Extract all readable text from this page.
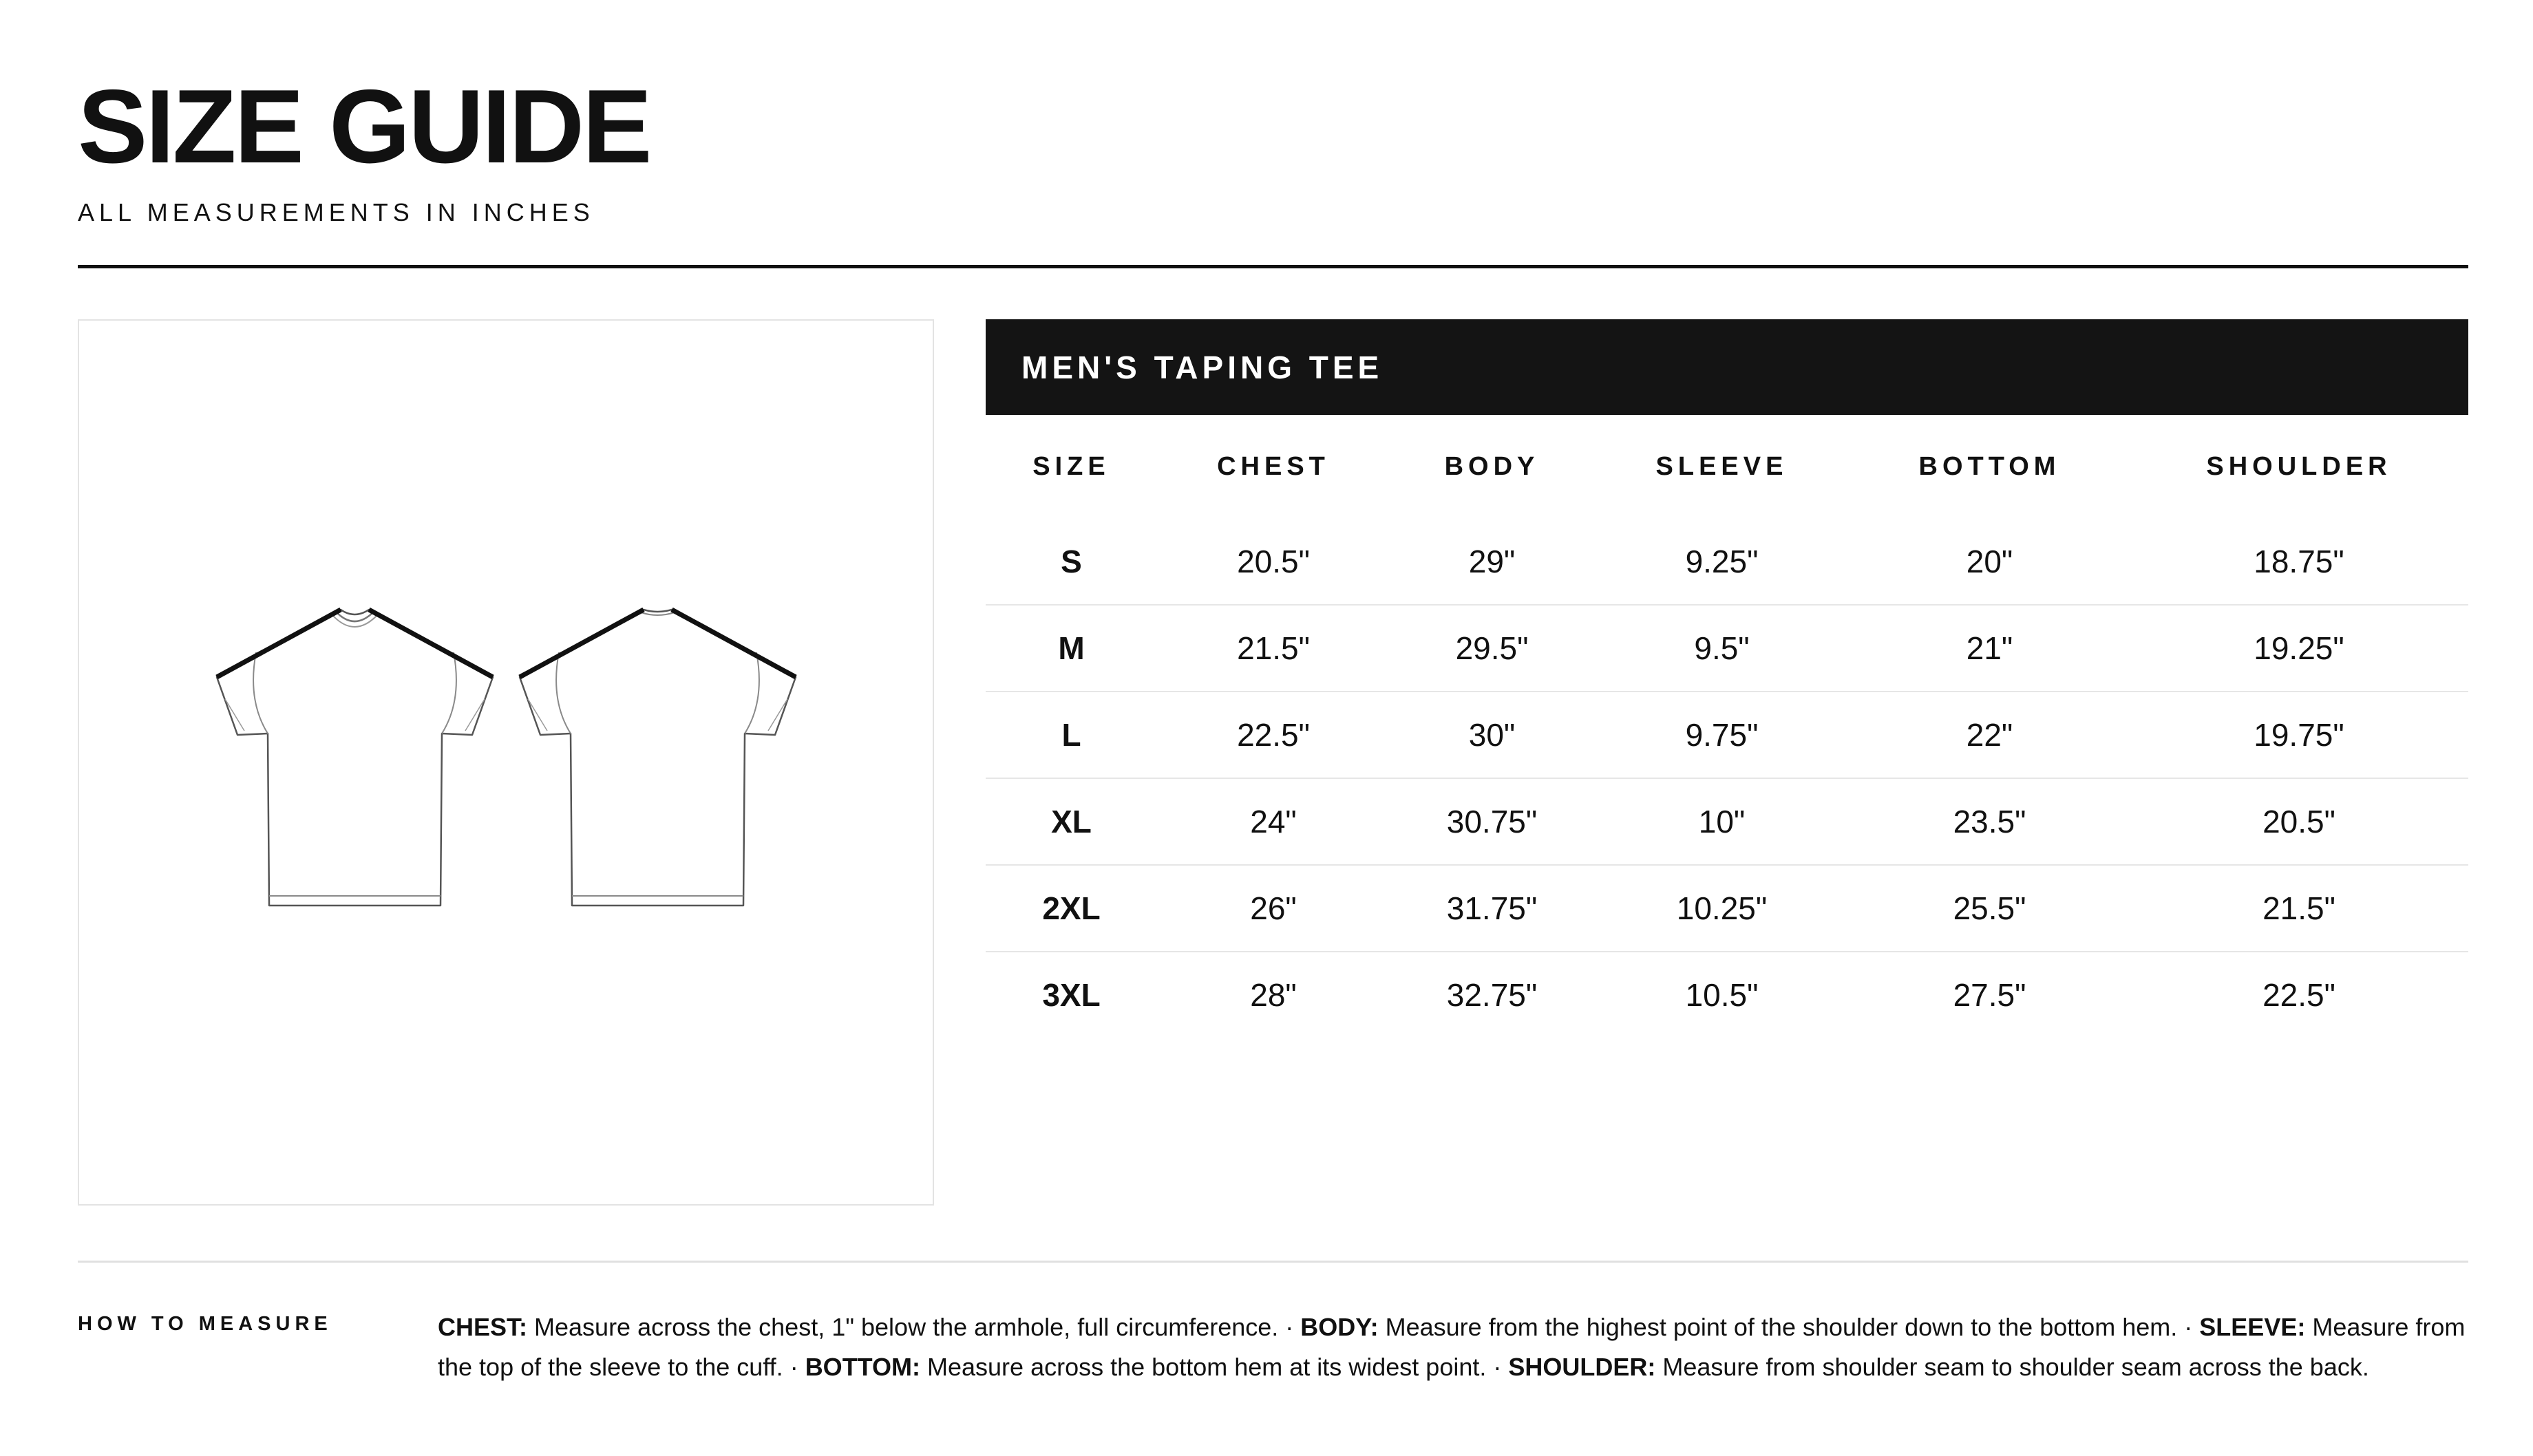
SIZE GUIDE
ALL MEASUREMENTS IN INCHES
MEN'S TAPING TEE
SIZE	CHEST	BODY	SLEEVE	BOTTOM	SHOULDER
S	20.5"	29"	9.25"	20"	18.75"
M	21.5"	29.5"	9.5"	21"	19.25"
L	22.5"	30"	9.75"	22"	19.75"
XL	24"	30.75"	10"	23.5"	20.5"
2XL	26"	31.75"	10.25"	25.5"	21.5"
3XL	28"	32.75"	10.5"	27.5"	22.5"
HOW TO MEASURE	CHEST: Measure across the chest, 1" below the armhole, full circumference. · BODY: Measure from the highest point of the shoulder down to the bottom hem. · SLEEVE: Measure from the top of the sleeve to the cuff. · BOTTOM: Measure across the bottom hem at its widest point. · SHOULDER: Measure from shoulder seam to shoulder seam across the back.
